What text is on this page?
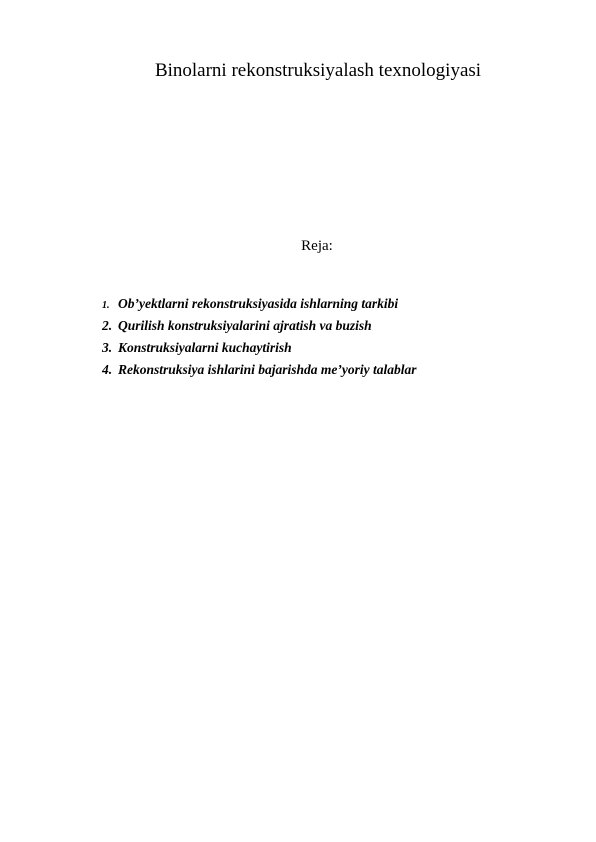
Binolarni rekonstruksiyalash texnologiyasi
Reja:
1. Ob’yektlarni rekonstruksiyasida ishlarning tarkibi
2. Qurilish konstruksiyalarini ajratish va buzish
3. Konstruksiyalarni kuchaytirish
4. Rekonstruksiya ishlarini bajarishda me’yoriy talablar
